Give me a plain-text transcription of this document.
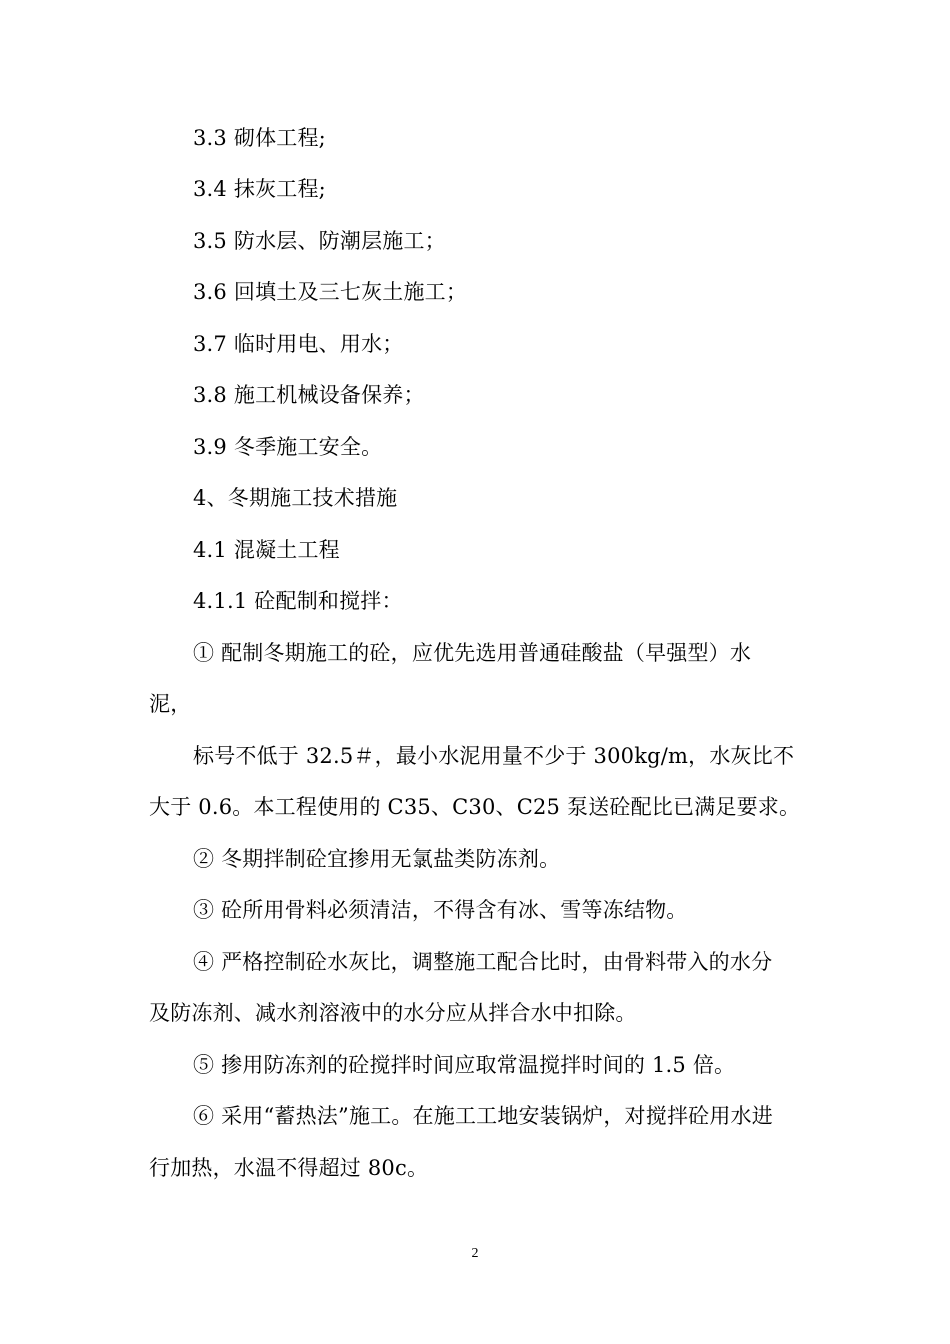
3.3 砌体工程;
3.4 抹灰工程;
3.5 防水层、防潮层施工；
3.6 回填土及三七灰土施工；
3.7 临时用电、用水；
3.8 施工机械设备保养；
3.9 冬季施工安全。
4、冬期施工技术措施
4.1 混凝土工程
4.1.1 砼配制和搅拌：
① 配制冬期施工的砼，应优先选用普通硅酸盐（早强型）水
泥，
标号不低于 32.5＃，最小水泥用量不少于 300kg/m，水灰比不
大于 0.6。本工程使用的 C35、C30、C25 泵送砼配比已满足要求。
② 冬期拌制砼宜掺用无氯盐类防冻剂。
③ 砼所用骨料必须清洁，不得含有冰、雪等冻结物。
④ 严格控制砼水灰比，调整施工配合比时，由骨料带入的水分
及防冻剂、减水剂溶液中的水分应从拌合水中扣除。
⑤ 掺用防冻剂的砼搅拌时间应取常温搅拌时间的 1.5 倍。
⑥ 采用“蓄热法”施工。在施工工地安装锅炉，对搅拌砼用水进
行加热，水温不得超过 80c。
2
